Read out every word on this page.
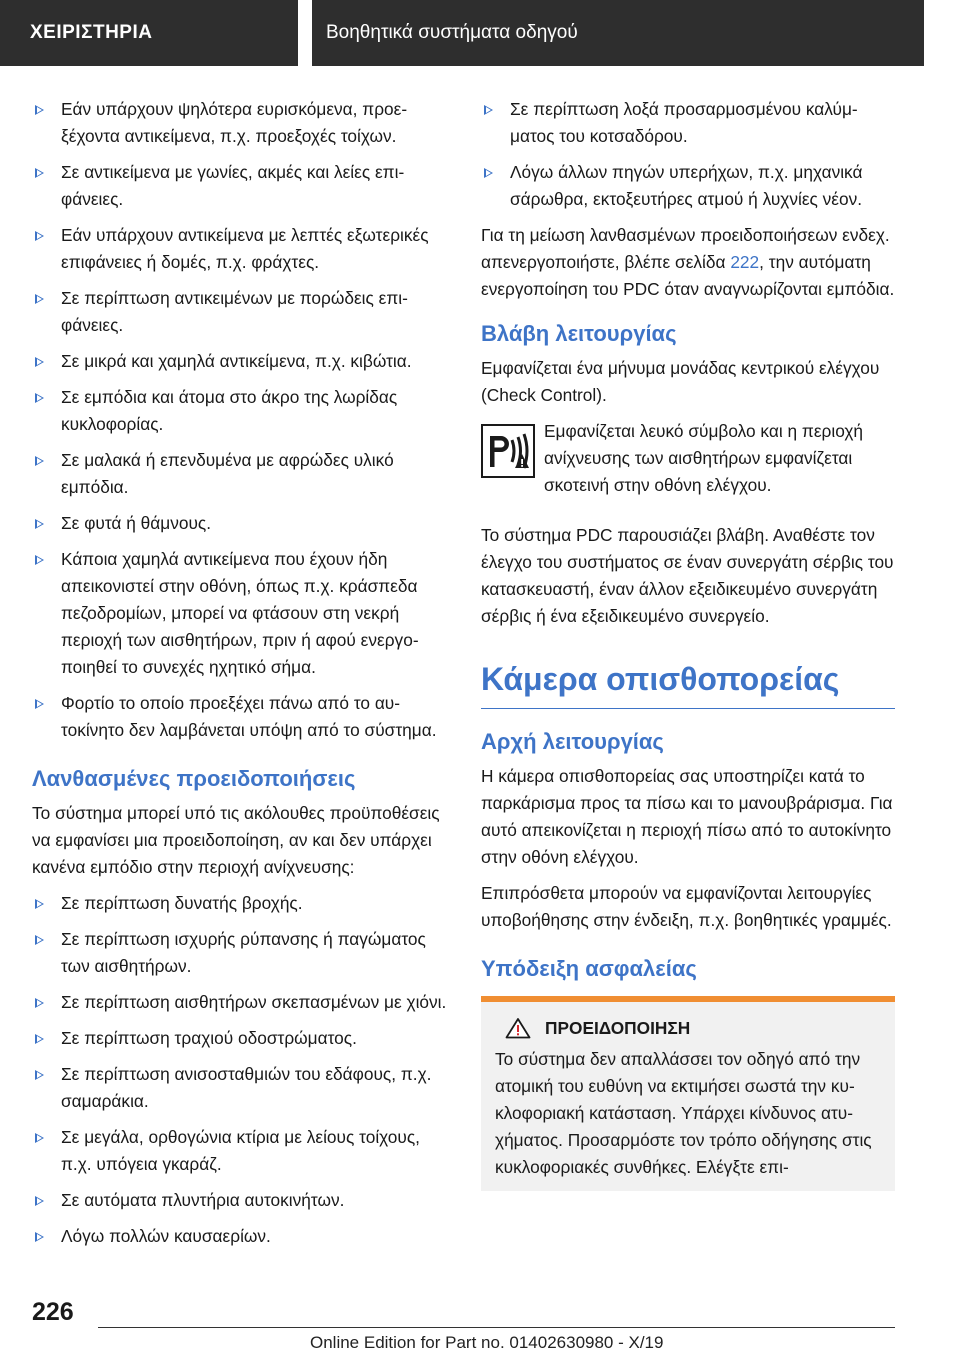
ΧΕΙΡΙΣΤΗΡΙΑ	Βοηθητικά συστήματα οδηγού
Εάν υπάρχουν ψηλότερα ευρισκόμενα, προεξέχοντα αντικείμενα, π.χ. προεξοχές τοίχων.
Σε αντικείμενα με γωνίες, ακμές και λείες επιφάνειες.
Εάν υπάρχουν αντικείμενα με λεπτές εξωτερικές επιφάνειες ή δομές, π.χ. φράχτες.
Σε περίπτωση αντικειμένων με πορώδεις επιφάνειες.
Σε μικρά και χαμηλά αντικείμενα, π.χ. κιβώτια.
Σε εμπόδια και άτομα στο άκρο της λωρίδας κυκλοφορίας.
Σε μαλακά ή επενδυμένα με αφρώδες υλικό εμπόδια.
Σε φυτά ή θάμνους.
Κάποια χαμηλά αντικείμενα που έχουν ήδη απεικονιστεί στην οθόνη, όπως π.χ. κράσπεδα πεζοδρομίων, μπορεί να φτάσουν στη νεκρή περιοχή των αισθητήρων, πριν ή αφού ενεργοποιηθεί το συνεχές ηχητικό σήμα.
Φορτίο το οποίο προεξέχει πάνω από το αυτοκίνητο δεν λαμβάνεται υπόψη από το σύστημα.
Λανθασμένες προειδοποιήσεις

Το σύστημα μπορεί υπό τις ακόλουθες προϋποθέσεις να εμφανίσει μια προειδοποίηση, αν και δεν υπάρχει κανένα εμπόδιο στην περιοχή ανίχνευσης:

Σε περίπτωση δυνατής βροχής.
Σε περίπτωση ισχυρής ρύπανσης ή παγώματος των αισθητήρων.
Σε περίπτωση αισθητήρων σκεπασμένων με χιόνι.
Σε περίπτωση τραχιού οδοστρώματος.
Σε περίπτωση ανισοσταθμιών του εδάφους, π.χ. σαμαράκια.
Σε μεγάλα, ορθογώνια κτίρια με λείους τοίχους, π.χ. υπόγεια γκαράζ.
Σε αυτόματα πλυντήρια αυτοκινήτων.
Λόγω πολλών καυσαερίων.
Σε περίπτωση λοξά προσαρμοσμένου καλύμματος του κοτσαδόρου.
Λόγω άλλων πηγών υπερήχων, π.χ. μηχανικά σάρωθρα, εκτοξευτήρες ατμού ή λυχνίες νέον.

Για τη μείωση λανθασμένων προειδοποιήσεων ενδεχ. απενεργοποιήστε, βλέπε σελίδα 222, την αυτόματη ενεργοποίηση του PDC όταν αναγνωρίζονται εμπόδια.

Βλάβη λειτουργίας

Εμφανίζεται ένα μήνυμα μονάδας κεντρικού ελέγχου (Check Control).

Εμφανίζεται λευκό σύμβολο και η περιοχή ανίχνευσης των αισθητήρων εμφανίζεται σκοτεινή στην οθόνη ελέγχου.

Το σύστημα PDC παρουσιάζει βλάβη. Αναθέστε τον έλεγχο του συστήματος σε έναν συνεργάτη σέρβις του κατασκευαστή, έναν άλλον εξειδικευμένο συνεργάτη σέρβις ή ένα εξειδικευμένο συνεργείο.

Κάμερα οπισθοπορείας
Αρχή λειτουργίας

Η κάμερα οπισθοπορείας σας υποστηρίζει κατά το παρκάρισμα προς τα πίσω και το μανουβράρισμα. Για αυτό απεικονίζεται η περιοχή πίσω από το αυτοκίνητο στην οθόνη ελέγχου.

Επιπρόσθετα μπορούν να εμφανίζονται λειτουργίες υποβοήθησης στην ένδειξη, π.χ. βοηθητικές γραμμές.

Υπόδειξη ασφαλείας
ΠΡΟΕΙΔΟΠΟΙΗΣΗ

Το σύστημα δεν απαλλάσσει τον οδηγό από την ατομική του ευθύνη να εκτιμήσει σωστά την κυκλοφοριακή κατάσταση. Υπάρχει κίνδυνος ατυχήματος. Προσαρμόστε τον τρόπο οδήγησης στις κυκλοφοριακές συνθήκες. Ελέγξτε επι-

226
Online Edition for Part no. 01402630980 - X/19
